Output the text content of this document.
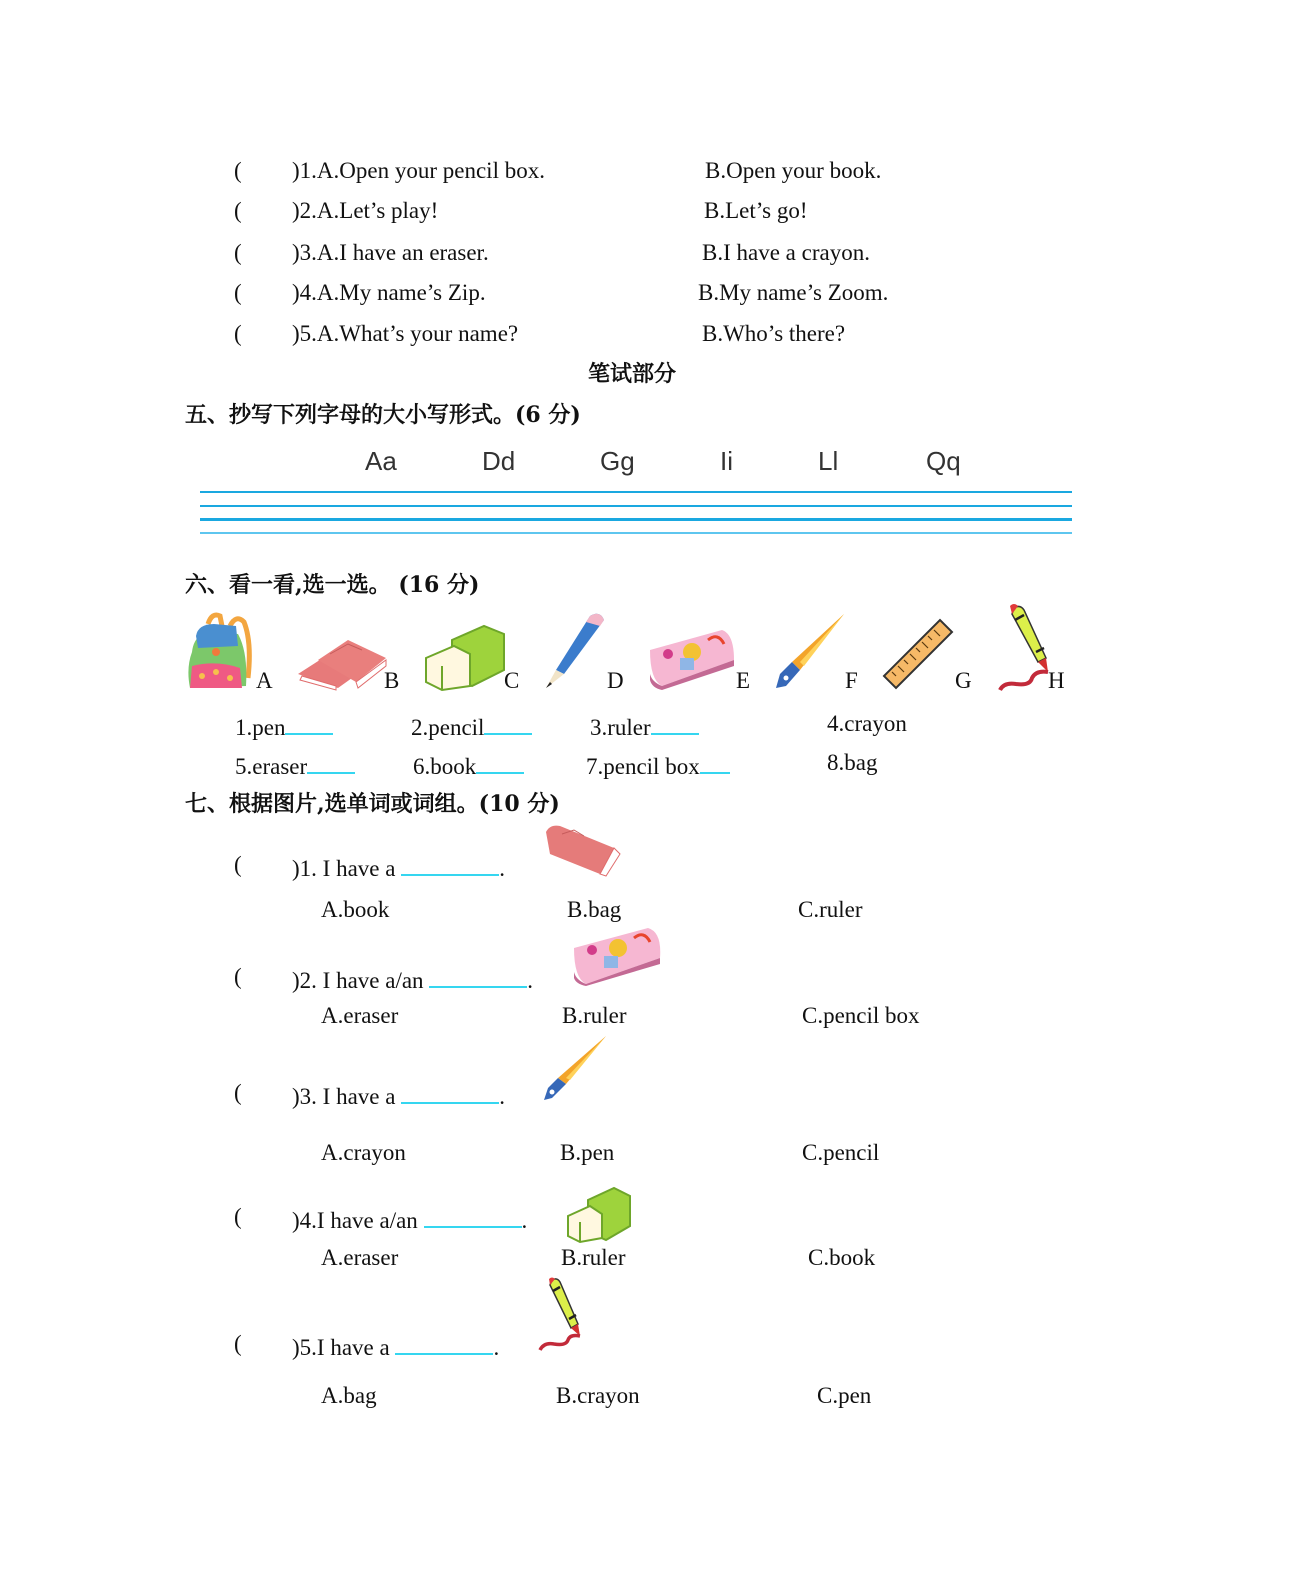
( )1.A.Open your pencil box.	B.Open your book.
( )2.A.Let’s play!	B.Let’s go!
( )3.A.I have an eraser.	B.I have a crayon.
( )4.A.My name’s Zip.	B.My name’s Zoom.
( )5.A.What’s your name?	B.Who’s there?
笔试部分
五、抄写下列字母的大小写形式。(6 分)
Aa	Dd	Gg	Ii	Ll	Qq
六、看一看,选一选。 (16 分)
A	B	C	D	E	F	G	H
1.pen	2.pencil	3.ruler	4.crayon
5.eraser	6.book	7.pencil box	8.bag
七、根据图片,选单词或词组。(10 分)
( )1. I have a	.
A.book	B.bag	C.ruler
( )2. I have a/an	.
A.eraser	B.ruler	C.pencil box
( )3. I have a	.
A.crayon	B.pen	C.pencil
( )4.I have a/an	.
A.eraser	B.ruler	C.book
( )5.I have a	.
A.bag	B.crayon	C.pen
